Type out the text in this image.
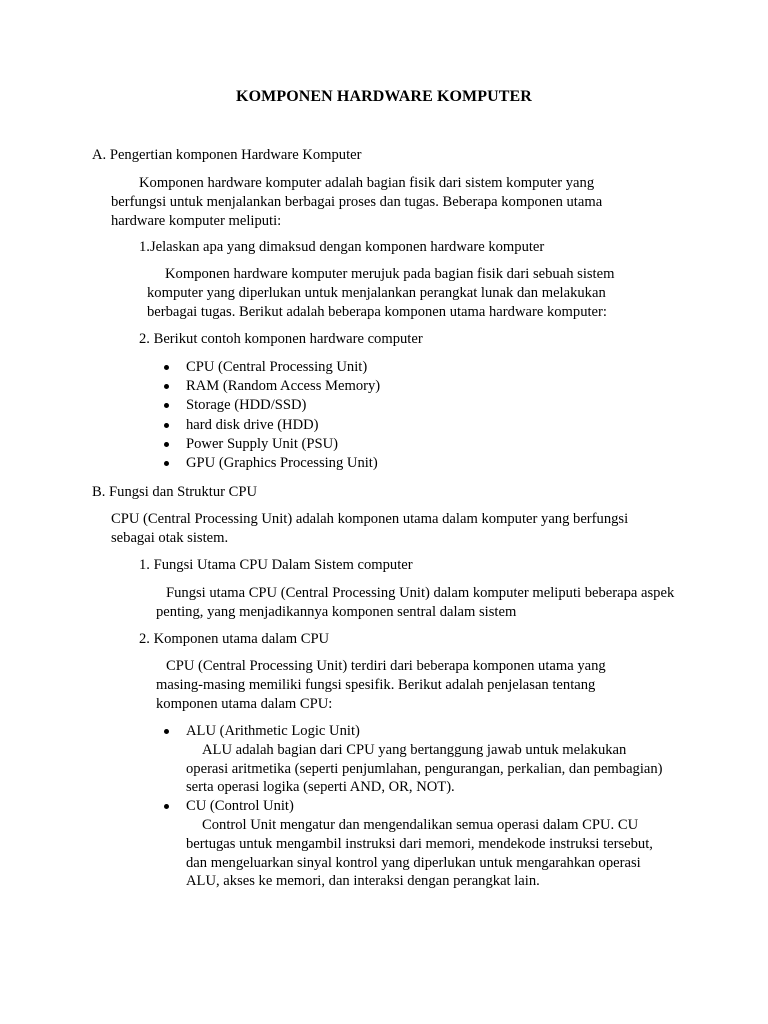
KOMPONEN HARDWARE KOMPUTER
A. Pengertian komponen Hardware Komputer
Komponen hardware komputer adalah bagian fisik dari sistem komputer yang berfungsi untuk menjalankan berbagai proses dan tugas. Beberapa komponen utama hardware komputer meliputi:
1.Jelaskan apa yang dimaksud dengan komponen hardware komputer
Komponen hardware komputer merujuk pada bagian fisik dari sebuah sistem komputer yang diperlukan untuk menjalankan perangkat lunak dan melakukan berbagai tugas. Berikut adalah beberapa komponen utama hardware komputer:
2. Berikut contoh komponen hardware computer
CPU (Central Processing Unit)
RAM (Random Access Memory)
Storage (HDD/SSD)
hard disk drive (HDD)
Power Supply Unit (PSU)
GPU (Graphics Processing Unit)
B. Fungsi dan Struktur CPU
CPU (Central Processing Unit) adalah komponen utama dalam komputer yang berfungsi sebagai otak sistem.
1. Fungsi Utama CPU Dalam Sistem computer
Fungsi utama CPU (Central Processing Unit) dalam komputer meliputi beberapa aspek penting, yang menjadikannya komponen sentral dalam sistem
2. Komponen utama dalam CPU
CPU (Central Processing Unit) terdiri dari beberapa komponen utama yang masing-masing memiliki fungsi spesifik. Berikut adalah penjelasan tentang komponen utama dalam CPU:
ALU (Arithmetic Logic Unit)
ALU adalah bagian dari CPU yang bertanggung jawab untuk melakukan operasi aritmetika (seperti penjumlahan, pengurangan, perkalian, dan pembagian) serta operasi logika (seperti AND, OR, NOT).
CU (Control Unit)
Control Unit mengatur dan mengendalikan semua operasi dalam CPU. CU bertugas untuk mengambil instruksi dari memori, mendekode instruksi tersebut, dan mengeluarkan sinyal kontrol yang diperlukan untuk mengarahkan operasi ALU, akses ke memori, dan interaksi dengan perangkat lain.
